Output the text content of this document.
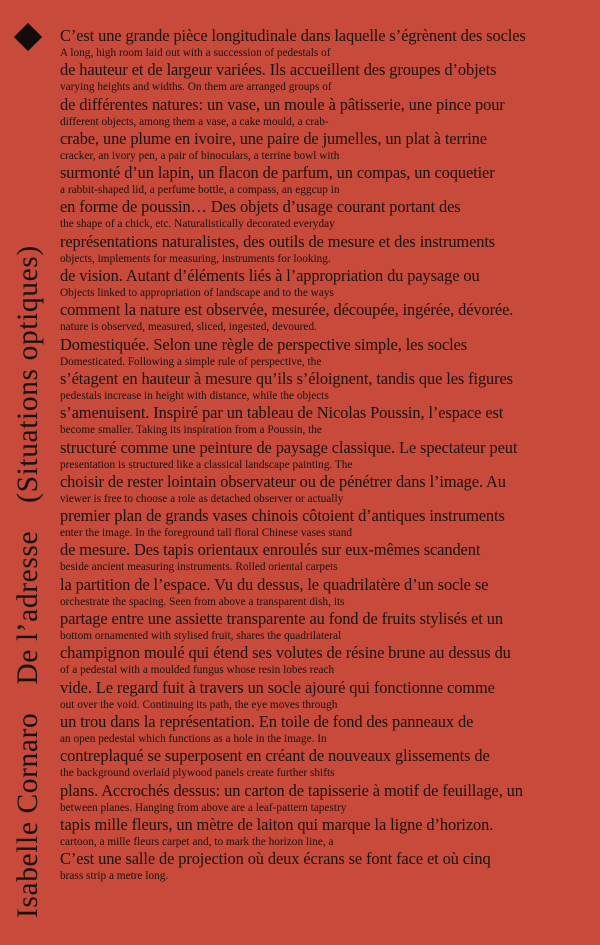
Isabelle Cornaro
De l’adresse
(Situations optiques)
C’est une grande pièce longitudinale dans laquelle s’égrènent des socles
A long, high room laid out with a succession of pedestals of
de hauteur et de largeur variées. Ils accueillent des groupes d’objets
varying heights and widths. On them are arranged groups of
de différentes natures: un vase, un moule à pâtisserie, une pince pour
different objects, among them a vase, a cake mould, a crab-
crabe, une plume en ivoire, une paire de jumelles, un plat à terrine
cracker, an ivory pen, a pair of binoculars, a terrine bowl with
surmonté d’un lapin, un flacon de parfum, un compas, un coquetier
a rabbit-shaped lid, a perfume bottle, a compass, an eggcup in
en forme de poussin… Des objets d’usage courant portant des
the shape of a chick, etc. Naturalistically decorated everyday
représentations naturalistes, des outils de mesure et des instruments
objects, implements for measuring, instruments for looking.
de vision. Autant d’éléments liés à l’appropriation du paysage ou
Objects linked to appropriation of landscape and to the ways
comment la nature est observée, mesurée, découpée, ingérée, dévorée.
nature is observed, measured, sliced, ingested, devoured.
Domestiquée. Selon une règle de perspective simple, les socles
Domesticated. Following a simple rule of perspective, the
s’étagent en hauteur à mesure qu’ils s’éloignent, tandis que les figures
pedestals increase in height with distance, while the objects
s’amenuisent. Inspiré par un tableau de Nicolas Poussin, l’espace est
become smaller. Taking its inspiration from a Poussin, the
structuré comme une peinture de paysage classique. Le spectateur peut
presentation is structured like a classical landscape painting. The
choisir de rester lointain observateur ou de pénétrer dans l’image. Au
viewer is free to choose a role as detached observer or actually
premier plan de grands vases chinois côtoient d’antiques instruments
enter the image. In the foreground tall floral Chinese vases stand
de mesure. Des tapis orientaux enroulés sur eux-mêmes scandent
beside ancient measuring instruments. Rolled oriental carpets
la partition de l’espace. Vu du dessus, le quadrilatère d’un socle se
orchestrate the spacing. Seen from above a transparent dish, its
partage entre une assiette transparente au fond de fruits stylisés et un
bottom ornamented with stylised fruit, shares the quadrilateral
champignon moulé qui étend ses volutes de résine brune au dessus du
of a pedestal with a moulded fungus whose resin lobes reach
vide. Le regard fuit à travers un socle ajouré qui fonctionne comme
out over the void. Continuing its path, the eye moves through
un trou dans la représentation. En toile de fond des panneaux de
an open pedestal which functions as a hole in the image. In
contreplaqué se superposent en créant de nouveaux glissements de
the background overlaid plywood panels create further shifts
plans. Accrochés dessus: un carton de tapisserie à motif de feuillage, un
between planes. Hanging from above are a leaf-pattern tapestry
tapis mille fleurs, un mètre de laiton qui marque la ligne d’horizon.
cartoon, a mille fleurs carpet and, to mark the horizon line, a
C’est une salle de projection où deux écrans se font face et où cinq
brass strip a metre long.
